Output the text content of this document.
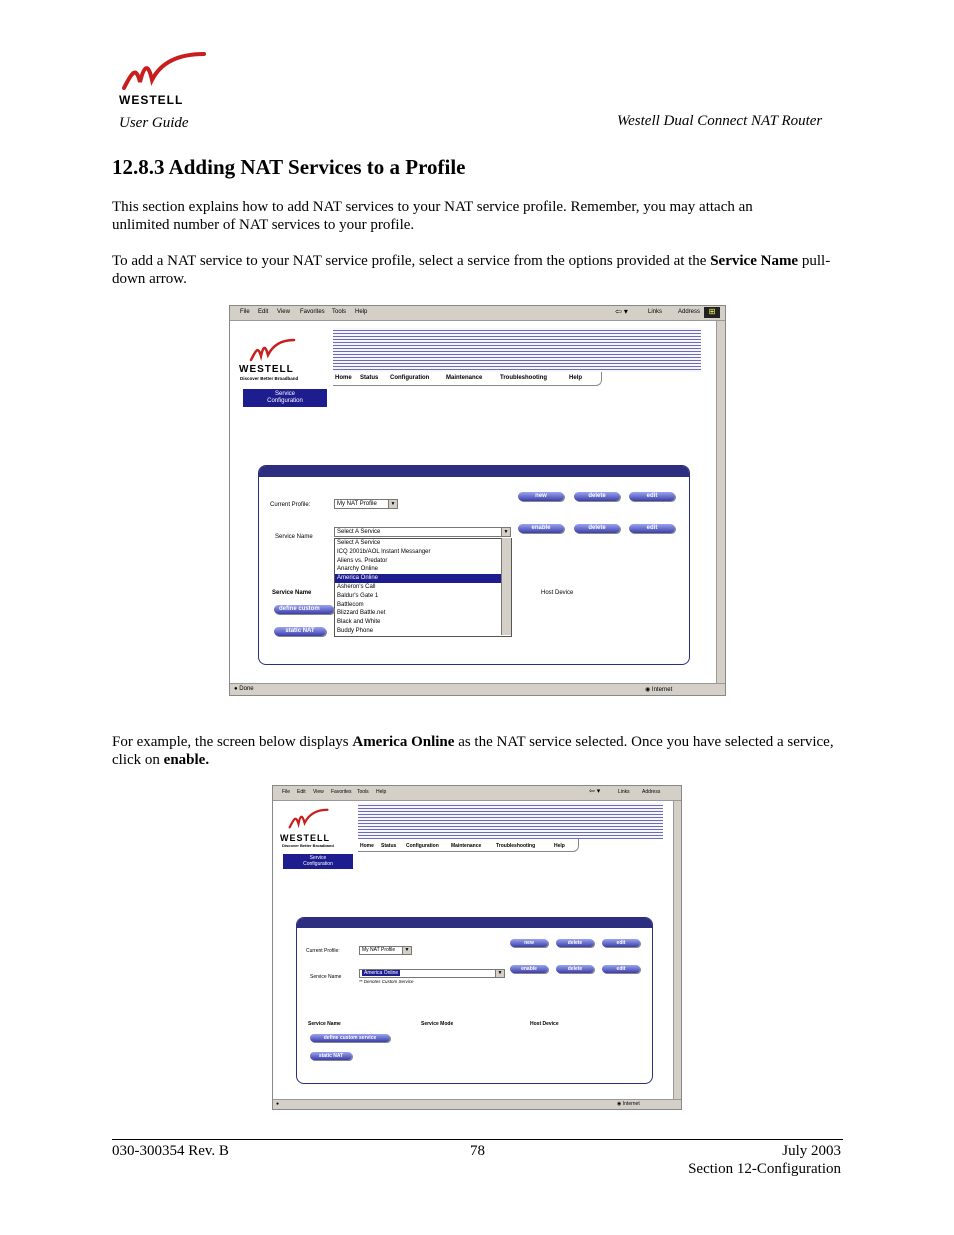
WESTELL
User Guide	Westell Dual Connect NAT Router
12.8.3 Adding NAT Services to a Profile

This section explains how to add NAT services to your NAT service profile. Remember, you may attach an unlimited number of NAT services to your profile.

To add a NAT service to your NAT service profile, select a service from the options provided at the Service Name pull-down arrow.

File Edit View Favorites Tools Help	⇦ ▾	Links	Address	⊞
WESTELL
Discover Better Broadband	Home Status Configuration	Maintenance	Troubleshooting	Help
Service
Configuration
Current Profile:	My NAT Profile	▼
new	delete	edit
Service Name
Select A Service	▼
enable	delete	edit
Select A Service
ICQ 2001b/AOL Instant Messanger
Aliens vs. Predator
Anarchy Online
America Online
Asheron's Call
Baldur's Gate 1
Battlecom
Blizzard Battle.net
Black and White
Buddy Phone
Service Name	Host Device
define custom
static NAT
● Done	◉ Internet

For example, the screen below displays America Online as the NAT service selected. Once you have selected a service, click on enable.

File Edit View Favorites Tools Help	⇦ ▾	Links Address
WESTELL
Discover Better Broadband	Home Status Configuration Maintenance	Troubleshooting	Help
Service
Configuration
Current Profile:	My NAT Profile	▼
new	delete	edit
Service Name
America Online	▼
** Denotes Custom Service
enable	delete	edit
Service Name	Service Mode	Host Device
define custom service
static NAT
●	◉ Internet
030-300354 Rev. B	78	July 2003
Section 12-Configuration
